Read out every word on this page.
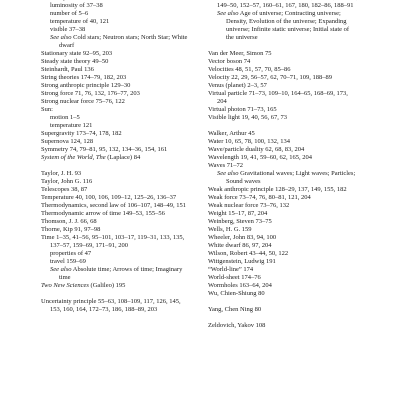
luminosity of 37–38
number of 5–6
temperature of 40, 121
visible 37–38
See also Cold stars; Neutron stars; North Star; White dwarf
Stationary state 92–95, 203
Steady state theory 49–50
Steinhardt, Paul 136
String theories 174–79, 182, 203
Strong anthropic principle 129–30
Strong force 71, 76, 132, 176–77, 203
Strong nuclear force 75–76, 122
Sun:
motion 1–5
temperature 121
Supergravity 173–74, 178, 182
Supernova 124, 128
Symmetry 74, 79–81, 95, 132, 134–36, 154, 161
System of the World, The (Laplace) 84
Taylor, J. H. 93
Taylor, John G. 116
Telescopes 38, 87
Temperature 40, 100, 106, 109–12, 125–26, 136–37
Thermodynamics, second law of 106–107, 148–49, 151
Thermodynamic arrow of time 149–53, 155–56
Thomson, J. J. 66, 68
Thorne, Kip 91, 97–98
Time 1–35, 41–56, 95–101, 103–17, 119–31, 133, 135, 137–57, 159–69, 171–91, 200
properties of 47
travel 159–69
See also Absolute time; Arrows of time; Imaginary time
Two New Sciences (Galileo) 195
Uncertainty principle 55–63, 108–109, 117, 126, 145, 153, 160, 164, 172–73, 186, 188–89, 203
149–50, 152–57, 160–61, 167, 180, 182–86, 188–91
See also Age of universe; Contracting universe; Density, Evolution of the universe; Expanding universe; Infinite static universe; Initial state of the universe
Van der Meer, Simon 75
Vector boson 74
Velocities 48, 51, 57, 70, 85–86
Velocity 22, 29, 56–57, 62, 70–71, 109, 188–89
Venus (planet) 2–3, 57
Virtual particle 71–73, 109–10, 164–65, 168–69, 173, 204
Virtual photon 71–73, 165
Visible light 19, 40, 56, 67, 73
Walker, Arthur 45
Water 10, 65, 78, 100, 132, 134
Wave/particle duality 62, 68, 83, 204
Wavelength 19, 41, 59–60, 62, 165, 204
Waves 71–72
See also Gravitational waves; Light waves; Particles; Sound waves
Weak anthropic principle 128–29, 137, 149, 155, 182
Weak force 73–74, 76, 80–81, 121, 204
Weak nuclear force 73–76, 132
Weight 15–17, 87, 204
Weinberg, Steven 73–75
Wells, H. G. 159
Wheeler, John 83, 94, 100
White dwarf 86, 97, 204
Wilson, Robert 43–44, 50, 122
Wittgenstein, Ludwig 191
“World-line” 174
World-sheet 174–76
Wormholes 163–64, 204
Wu, Chien-Shiung 80
Yang, Chen Ning 80
Zeldovich, Yakov 108
